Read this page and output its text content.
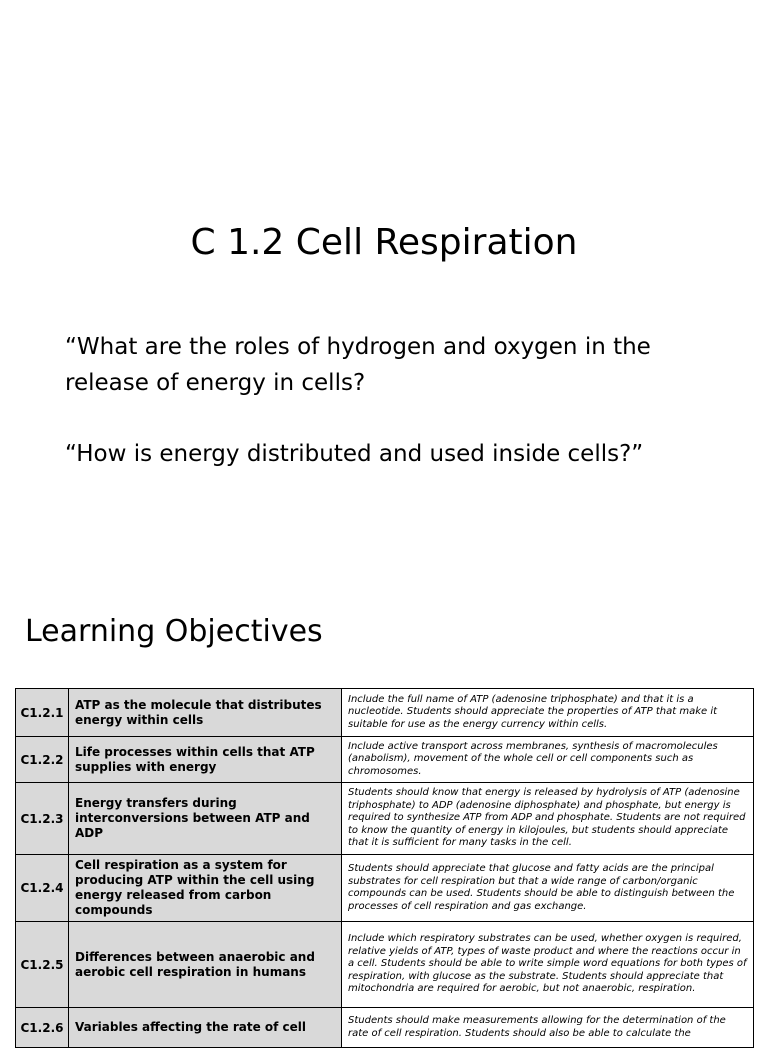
C 1.2 Cell Respiration

“What are the roles of hydrogen and oxygen in the release of energy in cells?

“How is energy distributed and used inside cells?”

Learning Objectives
C1.2.1	ATP as the molecule that distributes energy within cells	Include the full name of ATP (adenosine triphosphate) and that it is a nucleotide. Students should appreciate the properties of ATP that make it suitable for use as the energy currency within cells.
C1.2.2	Life processes within cells that ATP supplies with energy	Include active transport across membranes, synthesis of macromolecules (anabolism), movement of the whole cell or cell components such as chromosomes.
C1.2.3	Energy transfers during interconversions between ATP and ADP	Students should know that energy is released by hydrolysis of ATP (adenosine triphosphate) to ADP (adenosine diphosphate) and phosphate, but energy is required to synthesize ATP from ADP and phosphate. Students are not required to know the quantity of energy in kilojoules, but students should appreciate that it is sufficient for many tasks in the cell.
C1.2.4	Cell respiration as a system for producing ATP within the cell using energy released from carbon compounds	Students should appreciate that glucose and fatty acids are the principal substrates for cell respiration but that a wide range of carbon/organic compounds can be used. Students should be able to distinguish between the processes of cell respiration and gas exchange.
C1.2.5	Differences between anaerobic and aerobic cell respiration in humans	Include which respiratory substrates can be used, whether oxygen is required, relative yields of ATP, types of waste product and where the reactions occur in a cell. Students should be able to write simple word equations for both types of respiration, with glucose as the substrate. Students should appreciate that mitochondria are required for aerobic, but not anaerobic, respiration.
C1.2.6	Variables affecting the rate of cell	Students should make measurements allowing for the determination of the rate of cell respiration. Students should also be able to calculate the
